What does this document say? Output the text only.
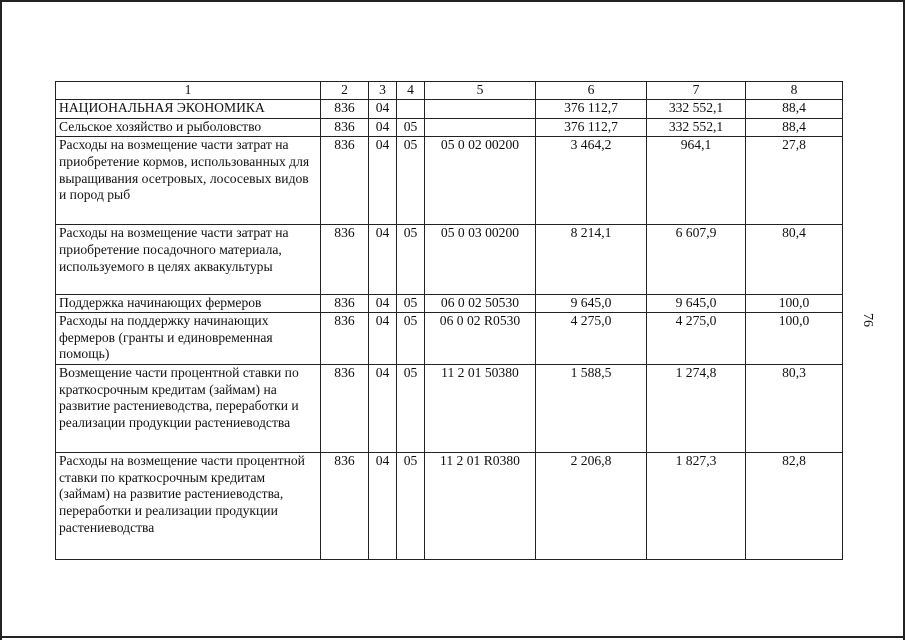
1	2	3	4	5	6	7	8
НАЦИОНАЛЬНАЯ ЭКОНОМИКА	836	04			376 112,7	332 552,1	88,4
Сельское хозяйство и рыболовство	836	04	05		376 112,7	332 552,1	88,4
Расходы на возмещение части затрат на приобретение кормов, использованных для выращивания осетровых, лососевых видов и пород рыб	836	04	05	05 0 02 00200	3 464,2	964,1	27,8
Расходы на возмещение части затрат на приобретение посадочного материала, используемого в целях аквакультуры	836	04	05	05 0 03 00200	8 214,1	6 607,9	80,4
Поддержка начинающих фермеров	836	04	05	06 0 02 50530	9 645,0	9 645,0	100,0
Расходы на поддержку начинающих фермеров (гранты и единовременная помощь)	836	04	05	06 0 02 R0530	4 275,0	4 275,0	100,0
Возмещение части процентной ставки по краткосрочным кредитам (займам) на развитие растениеводства, переработки и реализации продукции растениеводства	836	04	05	11 2 01 50380	1 588,5	1 274,8	80,3
Расходы на возмещение части процентной ставки по краткосрочным кредитам (займам) на развитие растениеводства, переработки и реализации продукции растениеводства	836	04	05	11 2 01 R0380	2 206,8	1 827,3	82,8
76
